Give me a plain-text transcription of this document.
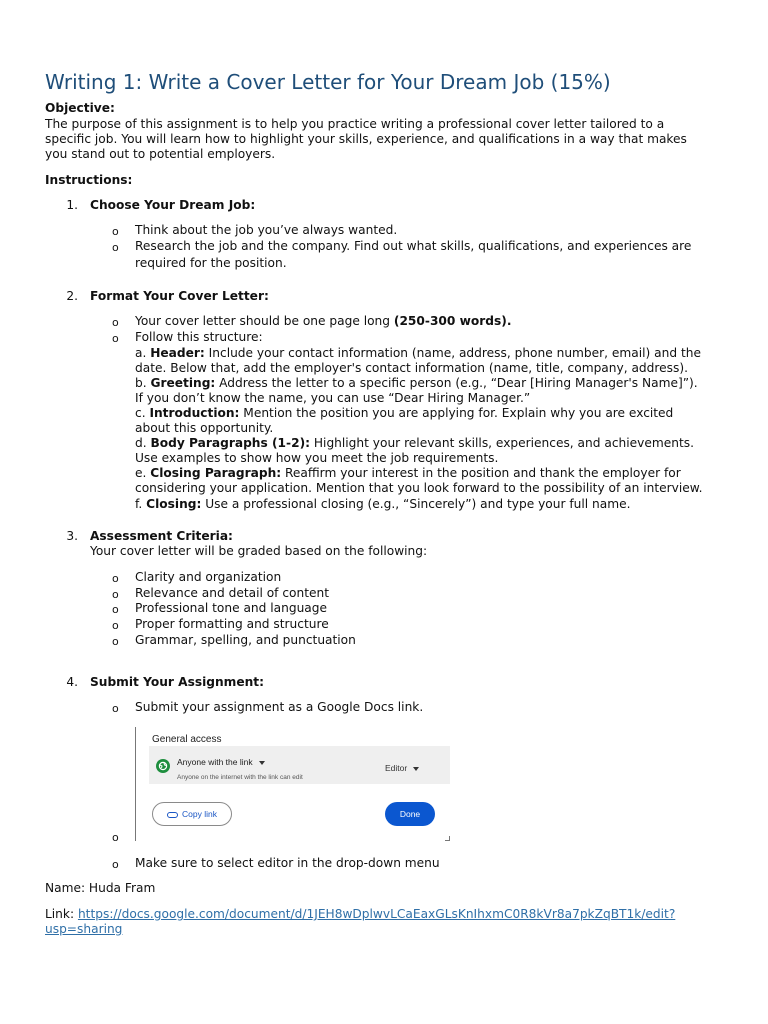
Writing 1: Write a Cover Letter for Your Dream Job (15%)
Objective:
The purpose of this assignment is to help you practice writing a professional cover letter tailored to a
specific job. You will learn how to highlight your skills, experience, and qualifications in a way that makes
you stand out to potential employers.
Instructions:
1. Choose Your Dream Job:
o Think about the job you’ve always wanted.
o Research the job and the company. Find out what skills, qualifications, and experiences are
required for the position.
2. Format Your Cover Letter:
o Your cover letter should be one page long (250-300 words).
o Follow this structure:
a. Header: Include your contact information (name, address, phone number, email) and the
date. Below that, add the employer's contact information (name, title, company, address).
b. Greeting: Address the letter to a specific person (e.g., “Dear [Hiring Manager's Name]”).
If you don’t know the name, you can use “Dear Hiring Manager.”
c. Introduction: Mention the position you are applying for. Explain why you are excited
about this opportunity.
d. Body Paragraphs (1-2): Highlight your relevant skills, experiences, and achievements.
Use examples to show how you meet the job requirements.
e. Closing Paragraph: Reaffirm your interest in the position and thank the employer for
considering your application. Mention that you look forward to the possibility of an interview.
f. Closing: Use a professional closing (e.g., “Sincerely”) and type your full name.
3. Assessment Criteria:
Your cover letter will be graded based on the following:
o Clarity and organization
o Relevance and detail of content
o Professional tone and language
o Proper formatting and structure
o Grammar, spelling, and punctuation
4. Submit Your Assignment:
o Submit your assignment as a Google Docs link.
General access
Anyone with the link
Anyone on the internet with the link can edit
Editor
Copy link	Done
o
o Make sure to select editor in the drop-down menu
Name: Huda Fram
Link: https://docs.google.com/document/d/1JEH8wDplwvLCaEaxGLsKnIhxmC0R8kVr8a7pkZqBT1k/edit?
usp=sharing
